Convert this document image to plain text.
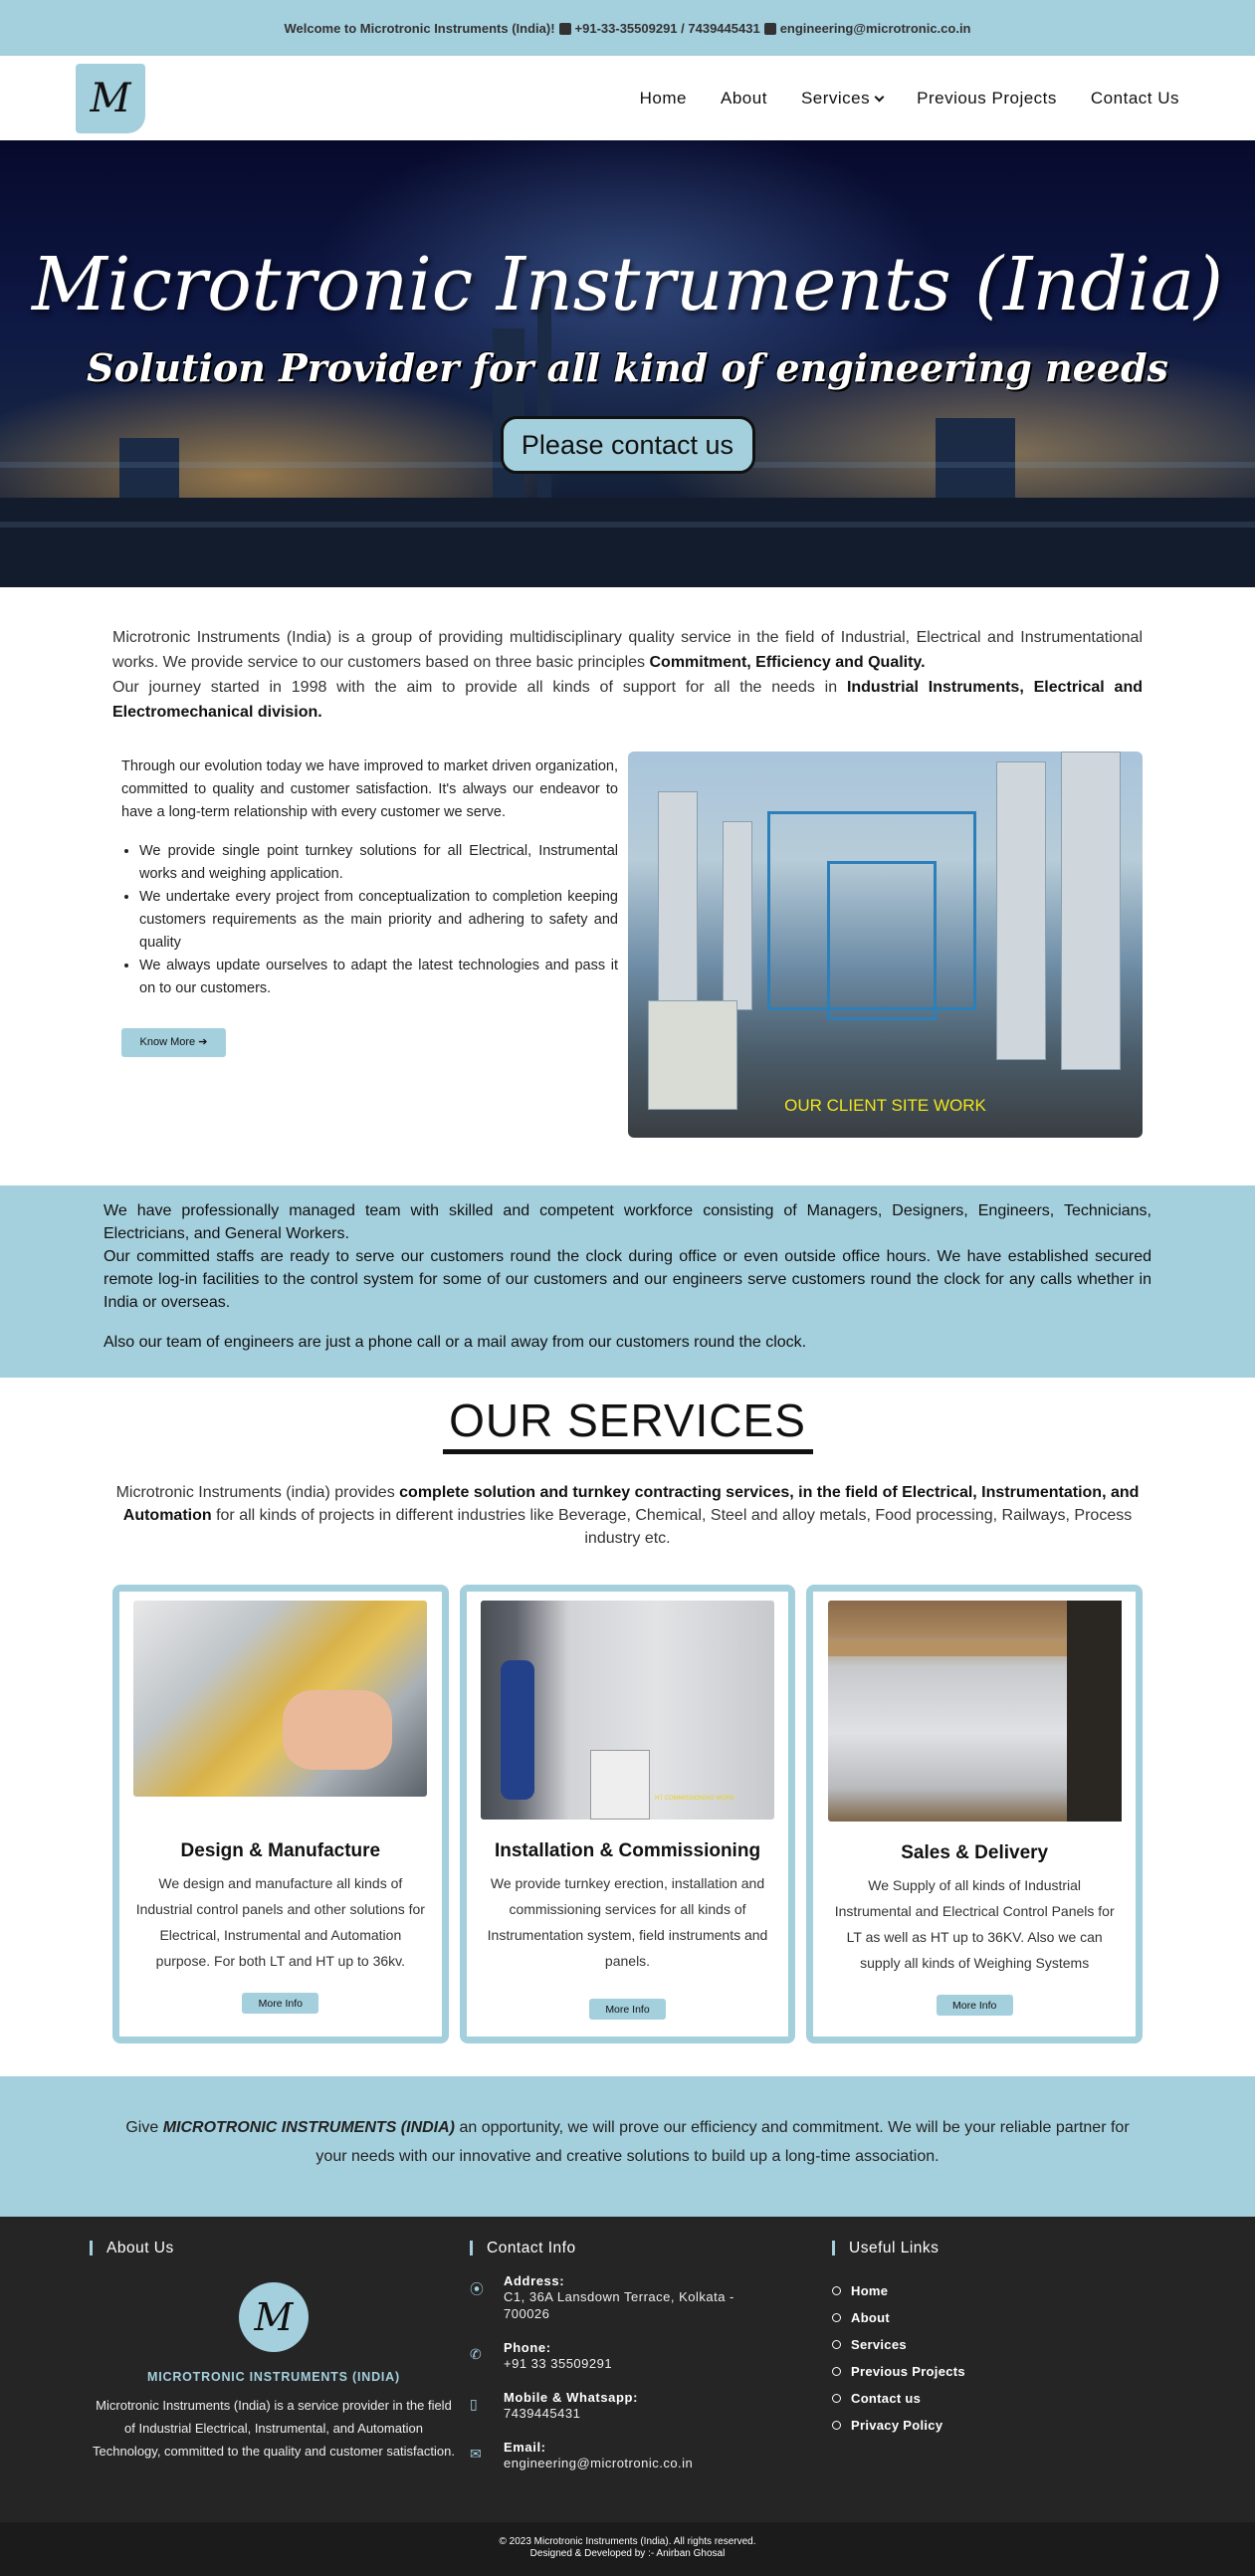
Welcome to Microtronic Instruments (India)! +91-33-35509291 / 7439445431 engineering@microtronic.co.in
M	Home About Services	Previous Projects Contact Us
Microtronic Instruments (India)
Solution Provider for all kind of engineering needs
Please contact us

Microtronic Instruments (India) is a group of providing multidisciplinary quality service in the field of Industrial, Electrical and Instrumentational works. We provide service to our customers based on three basic principles Commitment, Efficiency and Quality.

Our journey started in 1998 with the aim to provide all kinds of support for all the needs in Industrial Instruments, Electrical and Electromechanical division.

Through our evolution today we have improved to market driven organization, committed to quality and customer satisfaction. It's always our endeavor to have a long-term relationship with every customer we serve.

• We provide single point turnkey solutions for all Electrical, Instrumental works and weighing application.
• We undertake every project from conceptualization to completion keeping customers requirements as the main priority and adhering to safety and quality
• We always update ourselves to adapt the latest technologies and pass it on to our customers.
Know More
➔
OUR CLIENT SITE WORK

We have professionally managed team with skilled and competent workforce consisting of Managers, Designers, Engineers, Technicians, Electricians, and General Workers.

Our committed staffs are ready to serve our customers round the clock during office or even outside office hours. We have established secured remote log-in facilities to the control system for some of our customers and our engineers serve customers round the clock for any calls whether in India or overseas.

Also our team of engineers are just a phone call or a mail away from our customers round the clock.

OUR SERVICES
Microtronic Instruments (india) provides complete solution and turnkey contracting services, in the field of Electrical, Instrumentation, and Automation for all kinds of projects in different industries like Beverage, Chemical, Steel and alloy metals, Food processing, Railways, Process industry etc.
Design & Manufacture

We design and manufacture all kinds of Industrial control panels and other solutions for Electrical, Instrumental and Automation purpose. For both LT and HT up to 36kv.

More Info
HT COMMISSIONING WORK
Installation & Commissioning

We provide turnkey erection, installation and commissioning services for all kinds of Instrumentation system, field instruments and panels.

More Info
Sales & Delivery

We Supply of all kinds of Industrial Instrumental and Electrical Control Panels for LT as well as HT up to 36KV. Also we can supply all kinds of Weighing Systems

More Info
Give MICROTRONIC INSTRUMENTS (INDIA) an opportunity, we will prove our efficiency and commitment. We will be your reliable partner for your needs with our innovative and creative solutions to build up a long-time association.
About Us
M
MICROTRONIC INSTRUMENTS (INDIA)
Microtronic Instruments (India) is a service provider in the field of Industrial Electrical, Instrumental, and Automation Technology, committed to the quality and customer satisfaction.
Contact Info
⦿
Address:
C1, 36A Lansdown Terrace, Kolkata - 700026
✆	Phone:
+91 33 35509291
▯	Mobile & Whatsapp:
7439445431
✉	Email:
engineering@microtronic.co.in
Useful Links
Home
About
Services
Previous Projects
Contact us
Privacy Policy
© 2023 Microtronic Instruments (India). All rights reserved.
Designed & Developed by :- Anirban Ghosal
